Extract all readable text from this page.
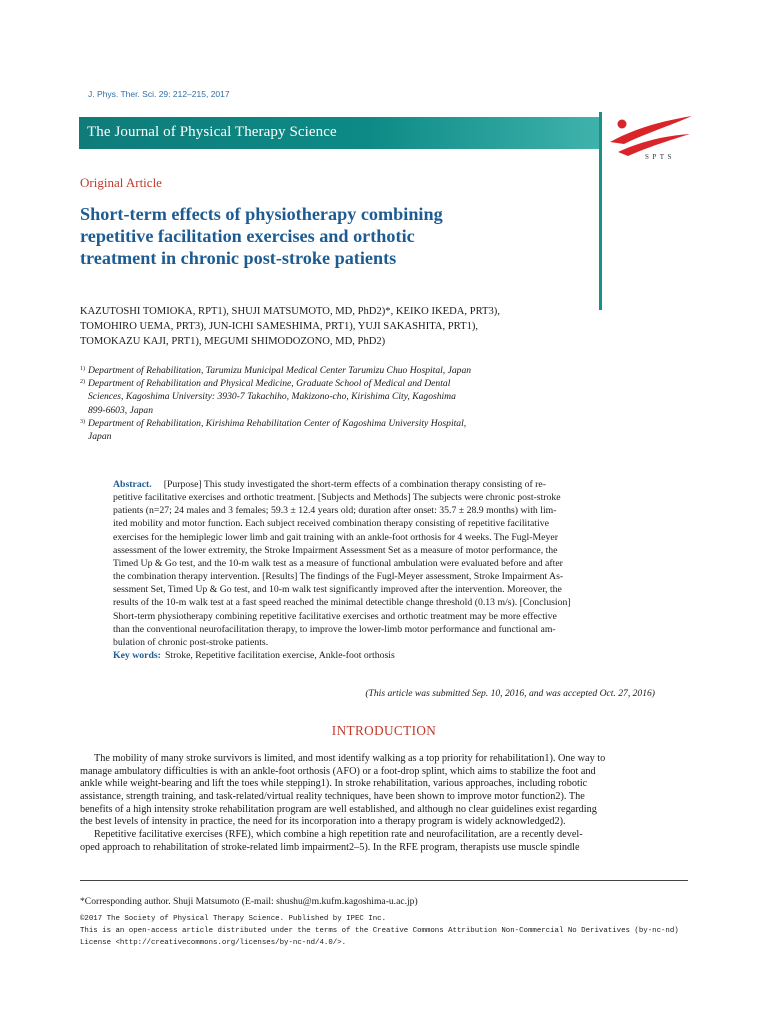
J. Phys. Ther. Sci. 29: 212–215, 2017
The Journal of Physical Therapy Science
SPTS
Original Article
Short-term effects of physiotherapy combining
repetitive facilitation exercises and orthotic
treatment in chronic post-stroke patients
KAZUTOSHI TOMIOKA, RPT1), SHUJI MATSUMOTO, MD, PhD2)*, KEIKO IKEDA, PRT3),
TOMOHIRO UEMA, PRT3), JUN-ICHI SAMESHIMA, PRT1), YUJI SAKASHITA, PRT1),
TOMOKAZU KAJI, PRT1), MEGUMI SHIMODOZONO, MD, PhD2)
1) Department of Rehabilitation, Tarumizu Municipal Medical Center Tarumizu Chuo Hospital, Japan
2) Department of Rehabilitation and Physical Medicine, Graduate School of Medical and Dental
Sciences, Kagoshima University: 3930-7 Takachiho, Makizono-cho, Kirishima City, Kagoshima
899-6603, Japan
3) Department of Rehabilitation, Kirishima Rehabilitation Center of Kagoshima University Hospital,
Japan
Abstract. [Purpose] This study investigated the short-term effects of a combination therapy consisting of re-
petitive facilitative exercises and orthotic treatment. [Subjects and Methods] The subjects were chronic post-stroke
patients (n=27; 24 males and 3 females; 59.3 ± 12.4 years old; duration after onset: 35.7 ± 28.9 months) with lim-
ited mobility and motor function. Each subject received combination therapy consisting of repetitive facilitative
exercises for the hemiplegic lower limb and gait training with an ankle-foot orthosis for 4 weeks. The Fugl-Meyer
assessment of the lower extremity, the Stroke Impairment Assessment Set as a measure of motor performance, the
Timed Up & Go test, and the 10-m walk test as a measure of functional ambulation were evaluated before and after
the combination therapy intervention. [Results] The findings of the Fugl-Meyer assessment, Stroke Impairment As-
sessment Set, Timed Up & Go test, and 10-m walk test significantly improved after the intervention. Moreover, the
results of the 10-m walk test at a fast speed reached the minimal detectible change threshold (0.13 m/s). [Conclusion]
Short-term physiotherapy combining repetitive facilitative exercises and orthotic treatment may be more effective
than the conventional neurofacilitation therapy, to improve the lower-limb motor performance and functional am-
bulation of chronic post-stroke patients.
Key words: Stroke, Repetitive facilitation exercise, Ankle-foot orthosis
(This article was submitted Sep. 10, 2016, and was accepted Oct. 27, 2016)
INTRODUCTION
The mobility of many stroke survivors is limited, and most identify walking as a top priority for rehabilitation1). One way to
manage ambulatory difficulties is with an ankle-foot orthosis (AFO) or a foot-drop splint, which aims to stabilize the foot and
ankle while weight-bearing and lift the toes while stepping1). In stroke rehabilitation, various approaches, including robotic
assistance, strength training, and task-related/virtual reality techniques, have been shown to improve motor function2). The
benefits of a high intensity stroke rehabilitation program are well established, and although no clear guidelines exist regarding
the best levels of intensity in practice, the need for its incorporation into a therapy program is widely acknowledged2).
Repetitive facilitative exercises (RFE), which combine a high repetition rate and neurofacilitation, are a recently devel-
oped approach to rehabilitation of stroke-related limb impairment2–5). In the RFE program, therapists use muscle spindle
*Corresponding author. Shuji Matsumoto (E-mail: shushu@m.kufm.kagoshima-u.ac.jp)
©2017 The Society of Physical Therapy Science. Published by IPEC Inc.
This is an open-access article distributed under the terms of the Creative Commons Attribution Non-Commercial No Derivatives (by-nc-nd)
License <http://creativecommons.org/licenses/by-nc-nd/4.0/>.
